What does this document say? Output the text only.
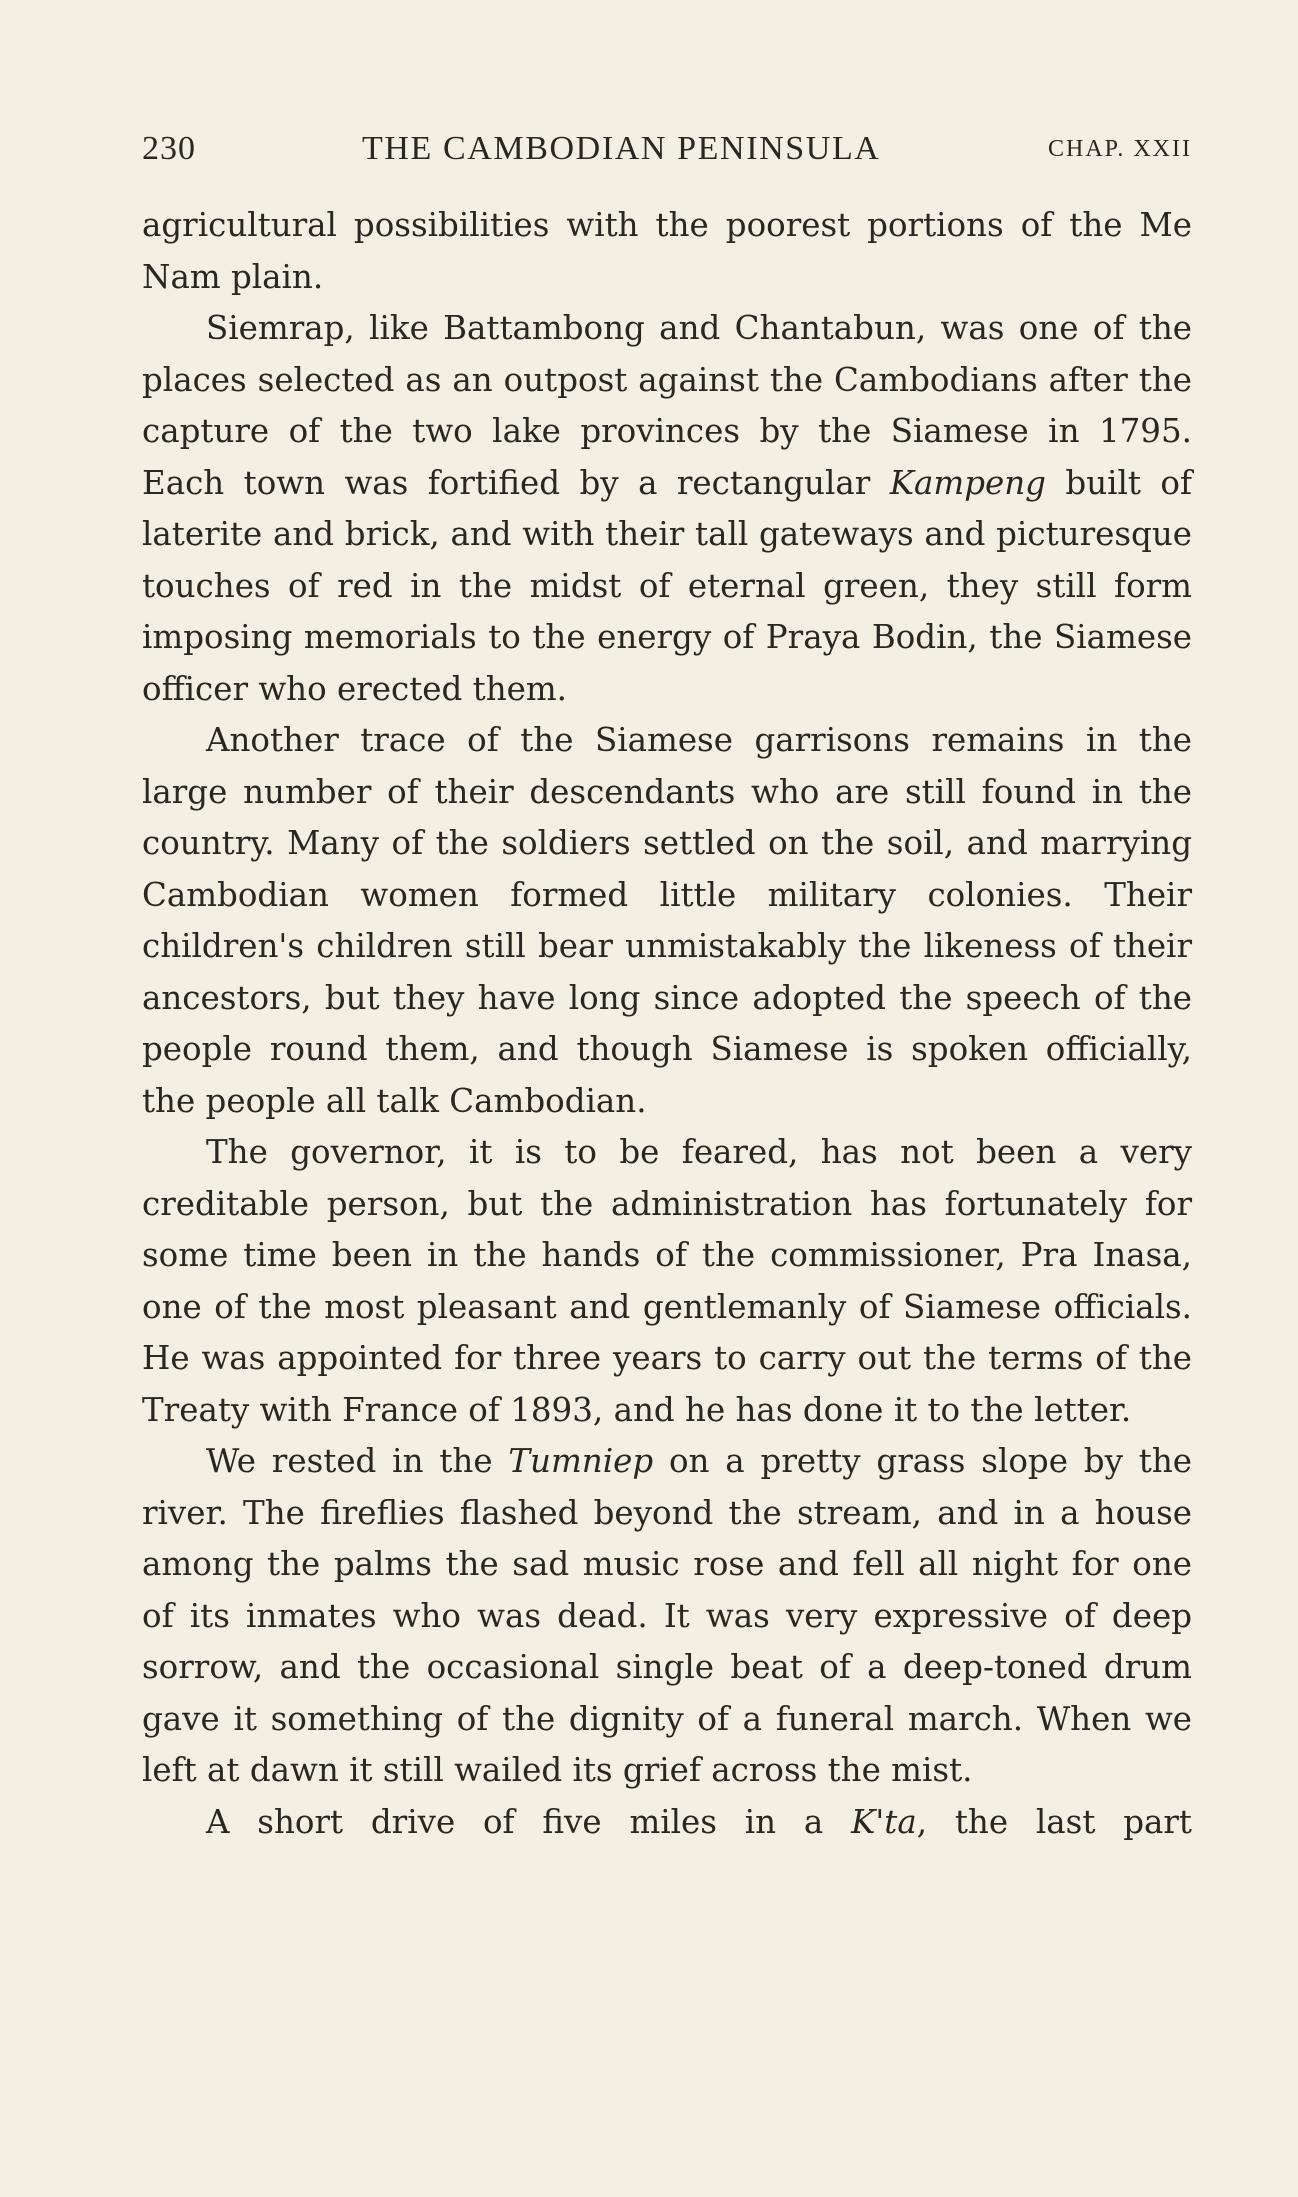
230	THE CAMBODIAN PENINSULA	CHAP. XXII

agricultural possibilities with the poorest portions of the Me Nam plain.

Siemrap, like Battambong and Chantabun, was one of the places selected as an outpost against the Cambodians after the capture of the two lake provinces by the Siamese in 1795. Each town was fortified by a rectangular Kampeng built of laterite and brick, and with their tall gateways and picturesque touches of red in the midst of eternal green, they still form imposing memorials to the energy of Praya Bodin, the Siamese officer who erected them.

Another trace of the Siamese garrisons remains in the large number of their descendants who are still found in the country. Many of the soldiers settled on the soil, and marrying Cambodian women formed little military colonies. Their children's children still bear unmistakably the likeness of their ancestors, but they have long since adopted the speech of the people round them, and though Siamese is spoken officially, the people all talk Cambodian.

The governor, it is to be feared, has not been a very creditable person, but the administration has fortunately for some time been in the hands of the commissioner, Pra Inasa, one of the most pleasant and gentlemanly of Siamese officials. He was appointed for three years to carry out the terms of the Treaty with France of 1893, and he has done it to the letter.

We rested in the Tumniep on a pretty grass slope by the river. The fireflies flashed beyond the stream, and in a house among the palms the sad music rose and fell all night for one of its inmates who was dead. It was very expressive of deep sorrow, and the occasional single beat of a deep-toned drum gave it something of the dignity of a funeral march. When we left at dawn it still wailed its grief across the mist.

A short drive of five miles in a K'ta, the last part
